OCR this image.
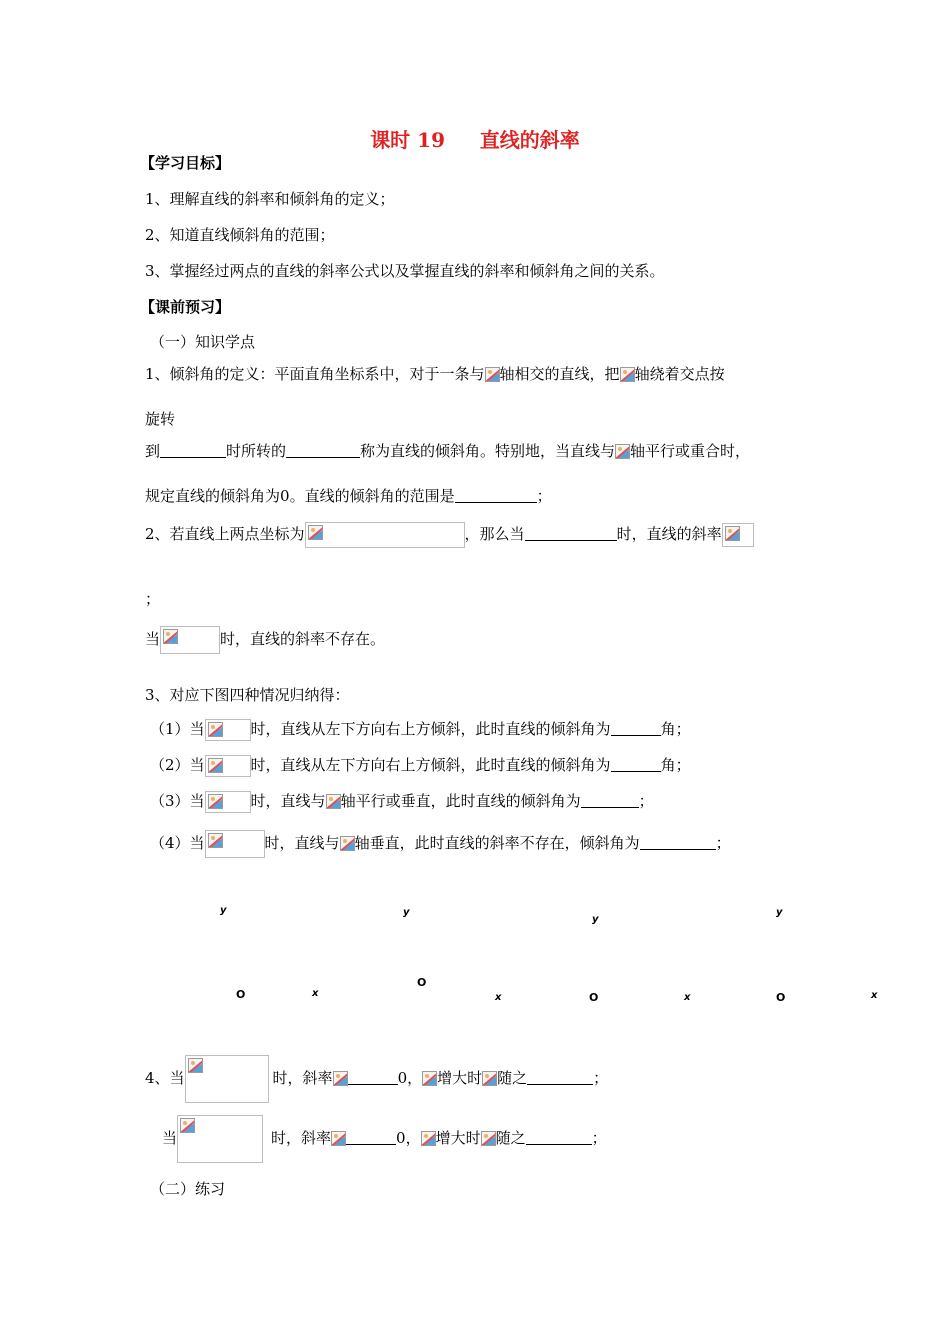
课时 19     直线的斜率
【学习目标】
1、理解直线的斜率和倾斜角的定义；
2、知道直线倾斜角的范围；
3、掌握经过两点的直线的斜率公式以及掌握直线的斜率和倾斜角之间的关系。
【课前预习】
（一）知识学点
1、倾斜角的定义：平面直角坐标系中，对于一条与 轴相交的直线，把 轴绕着交点按
旋转
到	时所转的	称为直线的倾斜角。特别地，当直线与 轴平行或重合时，
规定直线的倾斜角为0。直线的倾斜角的范围是	；
2、若直线上两点坐标为	，那么当	时，直线的斜率
；
当	时，直线的斜率不存在。
3、对应下图四种情况归纳得：
（1）当	时，直线从左下方向右上方倾斜，此时直线的倾斜角为	角；
（2）当	时，直线从左下方向右上方倾斜，此时直线的倾斜角为	角；
（3）当	时，直线与 轴平行或垂直，此时直线的倾斜角为	；
（4）当	时，直线与 轴垂直，此时直线的斜率不存在，倾斜角为	；
y
O	x
y
O
x
y
O	x
y
O	x
4、当	时，斜率	0， 增大时 随之	；
当	时，斜率	0， 增大时 随之	；
（二）练习
